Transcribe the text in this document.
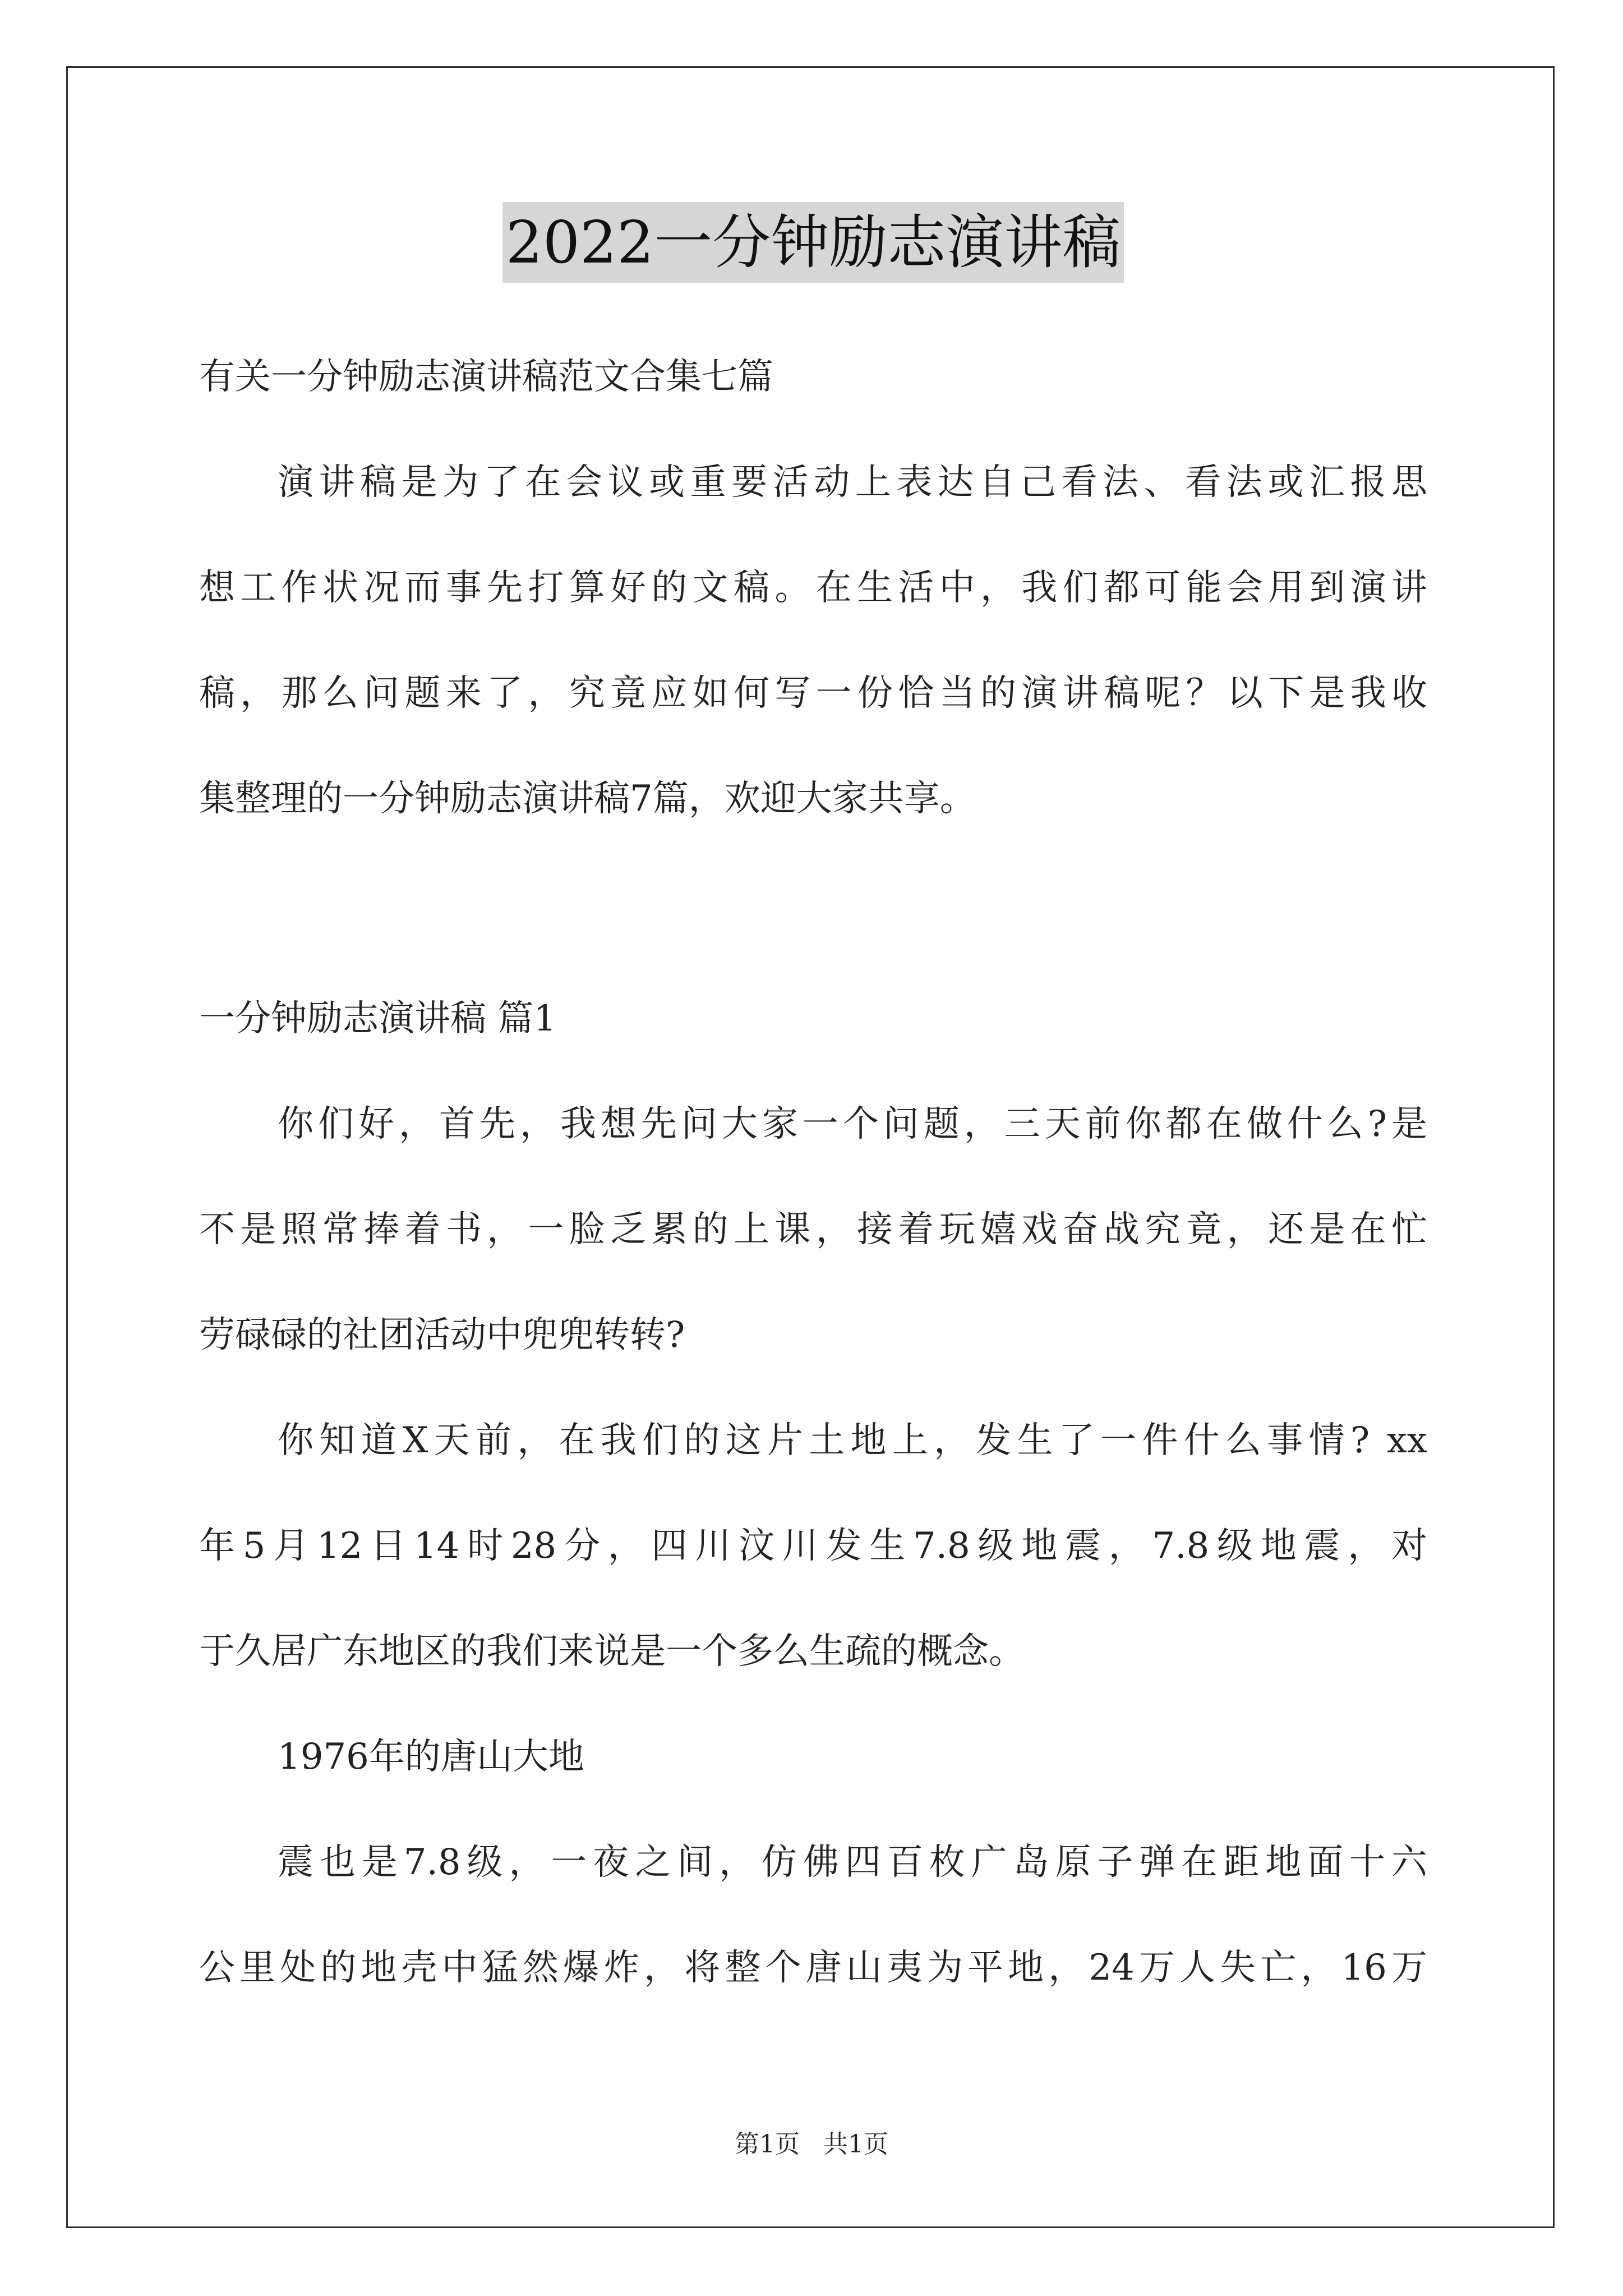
2022一分钟励志演讲稿
有关一分钟励志演讲稿范文合集七篇
演讲稿是为了在会议或重要活动上表达自己看法、看法或汇报思
想工作状况而事先打算好的文稿。在生活中，我们都可能会用到演讲
稿，那么问题来了，究竟应如何写一份恰当的演讲稿呢？以下是我收
集整理的一分钟励志演讲稿7篇，欢迎大家共享。
一分钟励志演讲稿 篇1
你们好，首先，我想先问大家一个问题，三天前你都在做什么?是
不是照常捧着书，一脸乏累的上课，接着玩嬉戏奋战究竟，还是在忙
劳碌碌的社团活动中兜兜转转?
你知道X天前，在我们的这片土地上，发生了一件什么事情? xx
年5月12日14时28分，四川汶川发生7.8级地震，7.8级地震，对
于久居广东地区的我们来说是一个多么生疏的概念。
1976年的唐山大地
震也是7.8级，一夜之间，仿佛四百枚广岛原子弹在距地面十六
公里处的地壳中猛然爆炸，将整个唐山夷为平地，24万人失亡，16万
第1页   共1页
